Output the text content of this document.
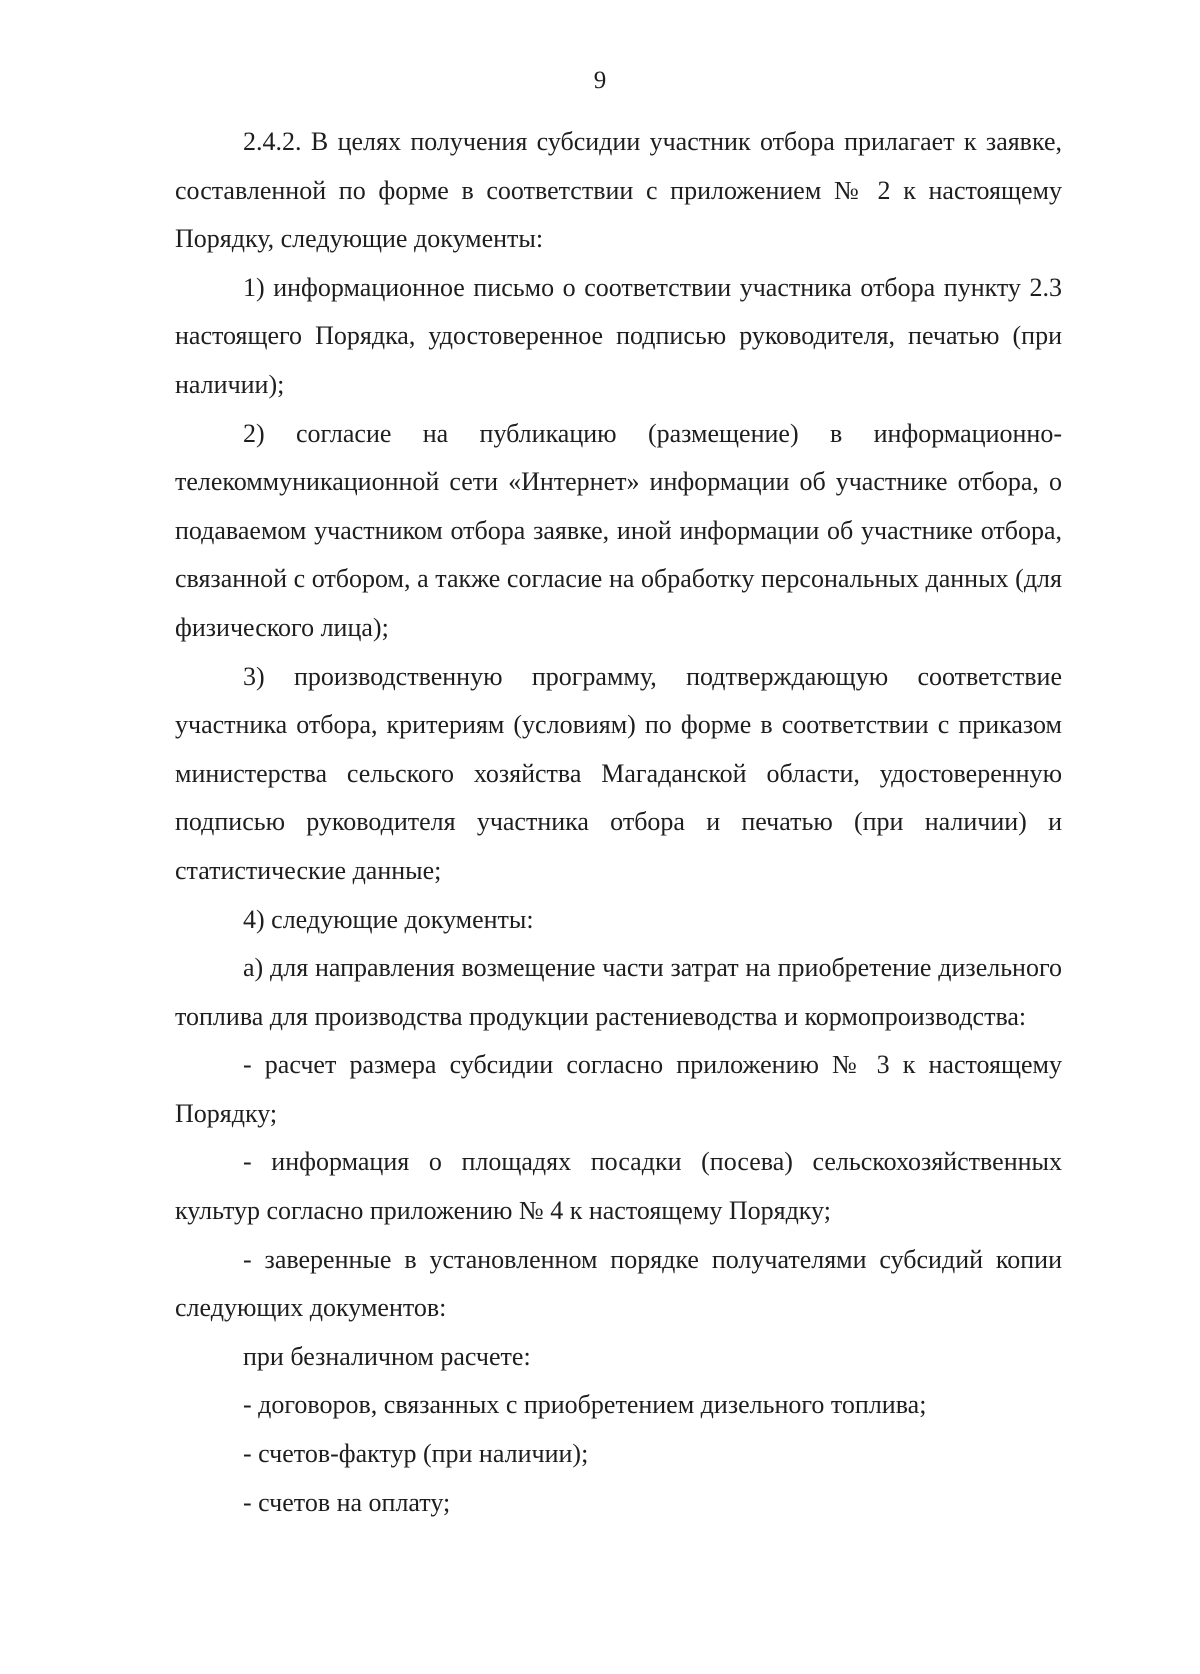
9

2.4.2. В целях получения субсидии участник отбора прилагает к заявке, составленной по форме в соответствии с приложением № 2 к настоящему Порядку, следующие документы:

1) информационное письмо о соответствии участника отбора пункту 2.3 настоящего Порядка, удостоверенное подписью руководителя, печатью (при наличии);

2) согласие на публикацию (размещение) в информационно-телекоммуникационной сети «Интернет» информации об участнике отбора, о подаваемом участником отбора заявке, иной информации об участнике отбора, связанной с отбором, а также согласие на обработку персональных данных (для физического лица);

3) производственную программу, подтверждающую соответствие участника отбора, критериям (условиям) по форме в соответствии с приказом министерства сельского хозяйства Магаданской области, удостоверенную подписью руководителя участника отбора и печатью (при наличии) и статистические данные;

4) следующие документы:

а) для направления возмещение части затрат на приобретение дизельного топлива для производства продукции растениеводства и кормопроизводства:

- расчет размера субсидии согласно приложению № 3 к настоящему Порядку;

- информация о площадях посадки (посева) сельскохозяйственных культур согласно приложению № 4 к настоящему Порядку;

- заверенные в установленном порядке получателями субсидий копии следующих документов:

при безналичном расчете:

- договоров, связанных с приобретением дизельного топлива;

- счетов-фактур (при наличии);

- счетов на оплату;
